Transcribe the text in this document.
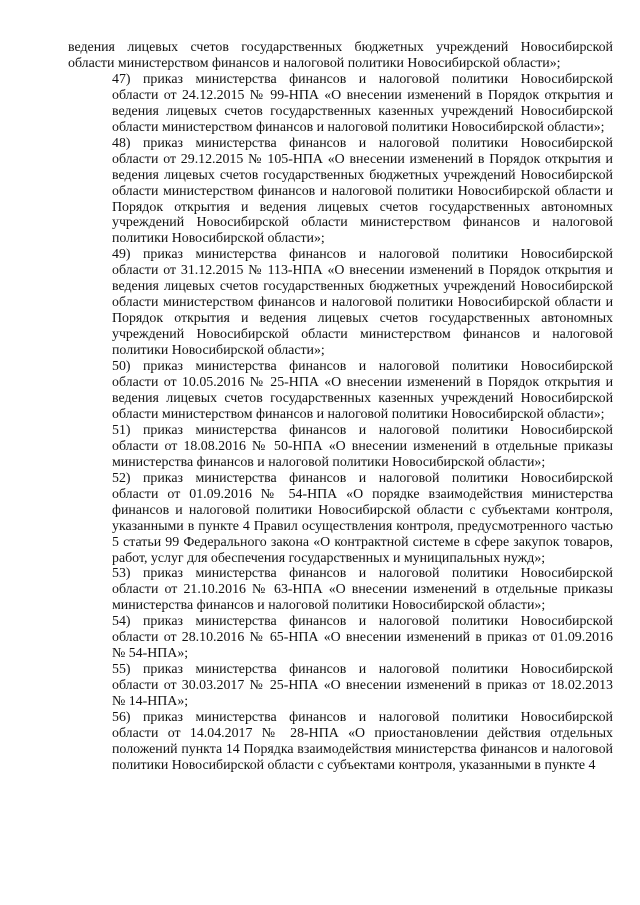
ведения лицевых счетов государственных бюджетных учреждений Новосибирской
области министерством финансов и налоговой политики Новосибирской области»;

47) приказ министерства финансов и налоговой политики Новосибирской
области от 24.12.2015 № 99-НПА «О внесении изменений в Порядок открытия и
ведения лицевых счетов государственных казенных учреждений Новосибирской
области министерством финансов и налоговой политики Новосибирской области»;

48) приказ министерства финансов и налоговой политики Новосибирской
области от 29.12.2015 № 105-НПА «О внесении изменений в Порядок открытия и
ведения лицевых счетов государственных бюджетных учреждений Новосибирской
области министерством финансов и налоговой политики Новосибирской области и
Порядок открытия и ведения лицевых счетов государственных автономных
учреждений Новосибирской области министерством финансов и налоговой
политики Новосибирской области»;

49) приказ министерства финансов и налоговой политики Новосибирской
области от 31.12.2015 № 113-НПА «О внесении изменений в Порядок открытия и
ведения лицевых счетов государственных бюджетных учреждений Новосибирской
области министерством финансов и налоговой политики Новосибирской области и
Порядок открытия и ведения лицевых счетов государственных автономных
учреждений Новосибирской области министерством финансов и налоговой
политики Новосибирской области»;

50) приказ министерства финансов и налоговой политики Новосибирской
области от 10.05.2016 № 25-НПА «О внесении изменений в Порядок открытия и
ведения лицевых счетов государственных казенных учреждений Новосибирской
области министерством финансов и налоговой политики Новосибирской области»;

51) приказ министерства финансов и налоговой политики Новосибирской
области от 18.08.2016 № 50-НПА «О внесении изменений в отдельные приказы
министерства финансов и налоговой политики Новосибирской области»;

52) приказ министерства финансов и налоговой политики Новосибирской
области от 01.09.2016 № 54-НПА «О порядке взаимодействия министерства
финансов и налоговой политики Новосибирской области с субъектами контроля,
указанными в пункте 4 Правил осуществления контроля, предусмотренного частью
5 статьи 99 Федерального закона «О контрактной системе в сфере закупок товаров,
работ, услуг для обеспечения государственных и муниципальных нужд»;

53) приказ министерства финансов и налоговой политики Новосибирской
области от 21.10.2016 № 63-НПА «О внесении изменений в отдельные приказы
министерства финансов и налоговой политики Новосибирской области»;

54) приказ министерства финансов и налоговой политики Новосибирской
области от 28.10.2016 № 65-НПА «О внесении изменений в приказ от 01.09.2016
№ 54-НПА»;

55) приказ министерства финансов и налоговой политики Новосибирской
области от 30.03.2017 № 25-НПА «О внесении изменений в приказ от 18.02.2013
№ 14-НПА»;

56) приказ министерства финансов и налоговой политики Новосибирской
области от 14.04.2017 № 28-НПА «О приостановлении действия отдельных
положений пункта 14 Порядка взаимодействия министерства финансов и налоговой
политики Новосибирской области с субъектами контроля, указанными в пункте 4
